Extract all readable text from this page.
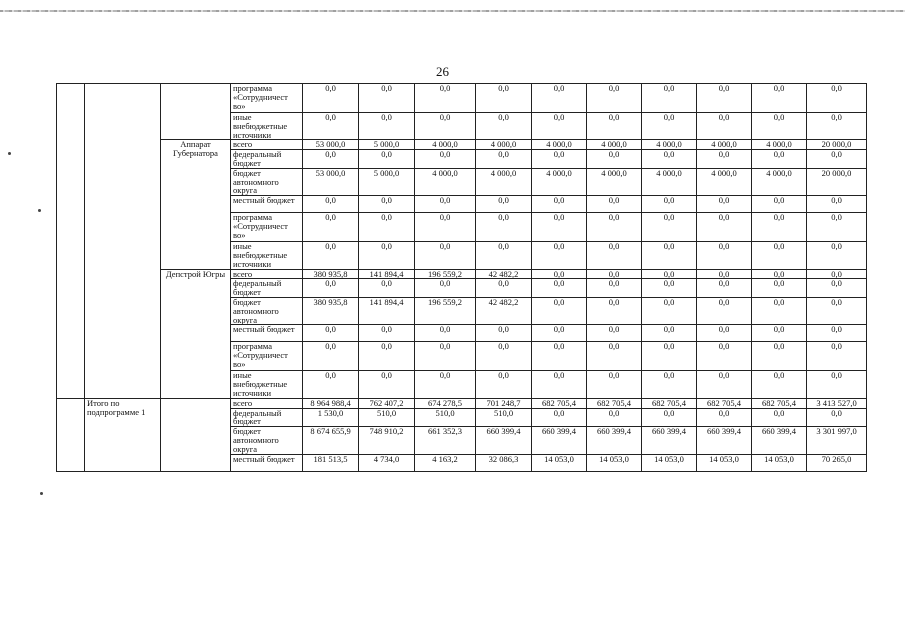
26
			программа «Сотрудничест во»	0,0	0,0	0,0	0,0	0,0	0,0	0,0	0,0	0,0	0,0
			иные внебюджетные источники	0,0	0,0	0,0	0,0	0,0	0,0	0,0	0,0	0,0	0,0
		Аппарат Губернатора	всего	53 000,0	5 000,0	4 000,0	4 000,0	4 000,0	4 000,0	4 000,0	4 000,0	4 000,0	20 000,0
			федеральный бюджет	0,0	0,0	0,0	0,0	0,0	0,0	0,0	0,0	0,0	0,0
			бюджет автономного округа	53 000,0	5 000,0	4 000,0	4 000,0	4 000,0	4 000,0	4 000,0	4 000,0	4 000,0	20 000,0
			местный бюджет	0,0	0,0	0,0	0,0	0,0	0,0	0,0	0,0	0,0	0,0
			программа «Сотрудничест во»	0,0	0,0	0,0	0,0	0,0	0,0	0,0	0,0	0,0	0,0
			иные внебюджетные источники	0,0	0,0	0,0	0,0	0,0	0,0	0,0	0,0	0,0	0,0
		Депстрой Югры	всего	380 935,8	141 894,4	196 559,2	42 482,2	0,0	0,0	0,0	0,0	0,0	0,0
			федеральный бюджет	0,0	0,0	0,0	0,0	0,0	0,0	0,0	0,0	0,0	0,0
			бюджет автономного округа	380 935,8	141 894,4	196 559,2	42 482,2	0,0	0,0	0,0	0,0	0,0	0,0
			местный бюджет	0,0	0,0	0,0	0,0	0,0	0,0	0,0	0,0	0,0	0,0
			программа «Сотрудничест во»	0,0	0,0	0,0	0,0	0,0	0,0	0,0	0,0	0,0	0,0
			иные внебюджетные источники	0,0	0,0	0,0	0,0	0,0	0,0	0,0	0,0	0,0	0,0
	Итого по подпрограмме 1		всего	8 964 988,4	762 407,2	674 278,5	701 248,7	682 705,4	682 705,4	682 705,4	682 705,4	682 705,4	3 413 527,0
			федеральный бюджет	1 530,0	510,0	510,0	510,0	0,0	0,0	0,0	0,0	0,0	0,0
			бюджет автономного округа	8 674 655,9	748 910,2	661 352,3	660 399,4	660 399,4	660 399,4	660 399,4	660 399,4	660 399,4	3 301 997,0
			местный бюджет	181 513,5	4 734,0	4 163,2	32 086,3	14 053,0	14 053,0	14 053,0	14 053,0	14 053,0	70 265,0
